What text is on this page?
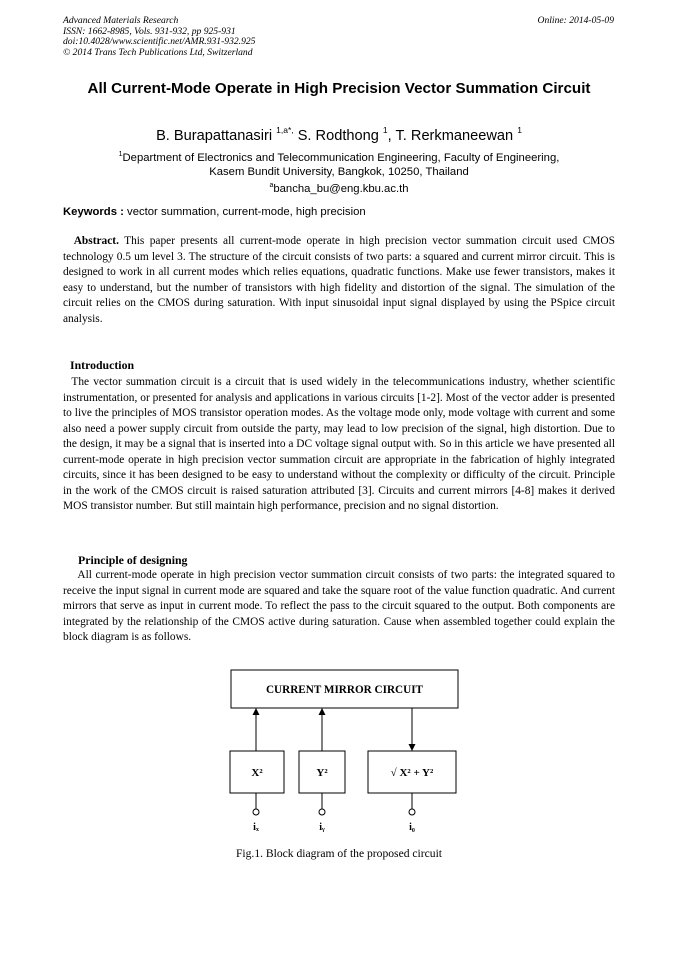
Advanced Materials Research
ISSN: 1662-8985, Vols. 931-932, pp 925-931
doi:10.4028/www.scientific.net/AMR.931-932.925
© 2014 Trans Tech Publications Ltd, Switzerland
Online: 2014-05-09
All Current-Mode Operate in High Precision Vector Summation Circuit
B. Burapattanasiri $^{1,a*,}$ S. Rodthong $^1$, T. Rerkmaneewan $^1$
$^1$Department of Electronics and Telecommunication Engineering, Faculty of Engineering,
Kasem Bundit University, Bangkok, 10250, Thailand
$^a$bancha_bu@eng.kbu.ac.th
Keywords : vector summation, current-mode, high precision
Abstract. This paper presents all current-mode operate in high precision vector summation circuit used CMOS technology 0.5 um level 3. The structure of the circuit consists of two parts: a squared and current mirror circuit. This is designed to work in all current modes which relies equations, quadratic functions. Make use fewer transistors, makes it easy to understand, but the number of transistors with high fidelity and distortion of the signal. The simulation of the circuit relies on the CMOS during saturation. With input sinusoidal input signal displayed by using the PSpice circuit analysis.
Introduction
The vector summation circuit is a circuit that is used widely in the telecommunications industry, whether scientific instrumentation, or presented for analysis and applications in various circuits [1-2]. Most of the vector adder is presented to live the principles of MOS transistor operation modes. As the voltage mode only, mode voltage with current and some also need a power supply circuit from outside the party, may lead to low precision of the signal, high distortion. Due to the design, it may be a signal that is inserted into a DC voltage signal output with. So in this article we have presented all current-mode operate in high precision vector summation circuit are appropriate in the fabrication of highly integrated circuits, since it has been designed to be easy to understand without the complexity or difficulty of the circuit. Principle in the work of the CMOS circuit is raised saturation attributed [3]. Circuits and current mirrors [4-8] makes it derived MOS transistor number. But still maintain high performance, precision and no signal distortion.
Principle of designing
All current-mode operate in high precision vector summation circuit consists of two parts: the integrated squared to receive the input signal in current mode are squared and take the square root of the value function quadratic. And current mirrors that serve as input in current mode. To reflect the pass to the circuit squared to the output. Both components are integrated by the relationship of the CMOS active during saturation. Cause when assembled together could explain the block diagram is as follows.
CURRENT MIRROR CIRCUIT
X²	Y²	√ X² + Y²
iₓ	iᵧ	i₀
Fig.1. Block diagram of the proposed circuit
